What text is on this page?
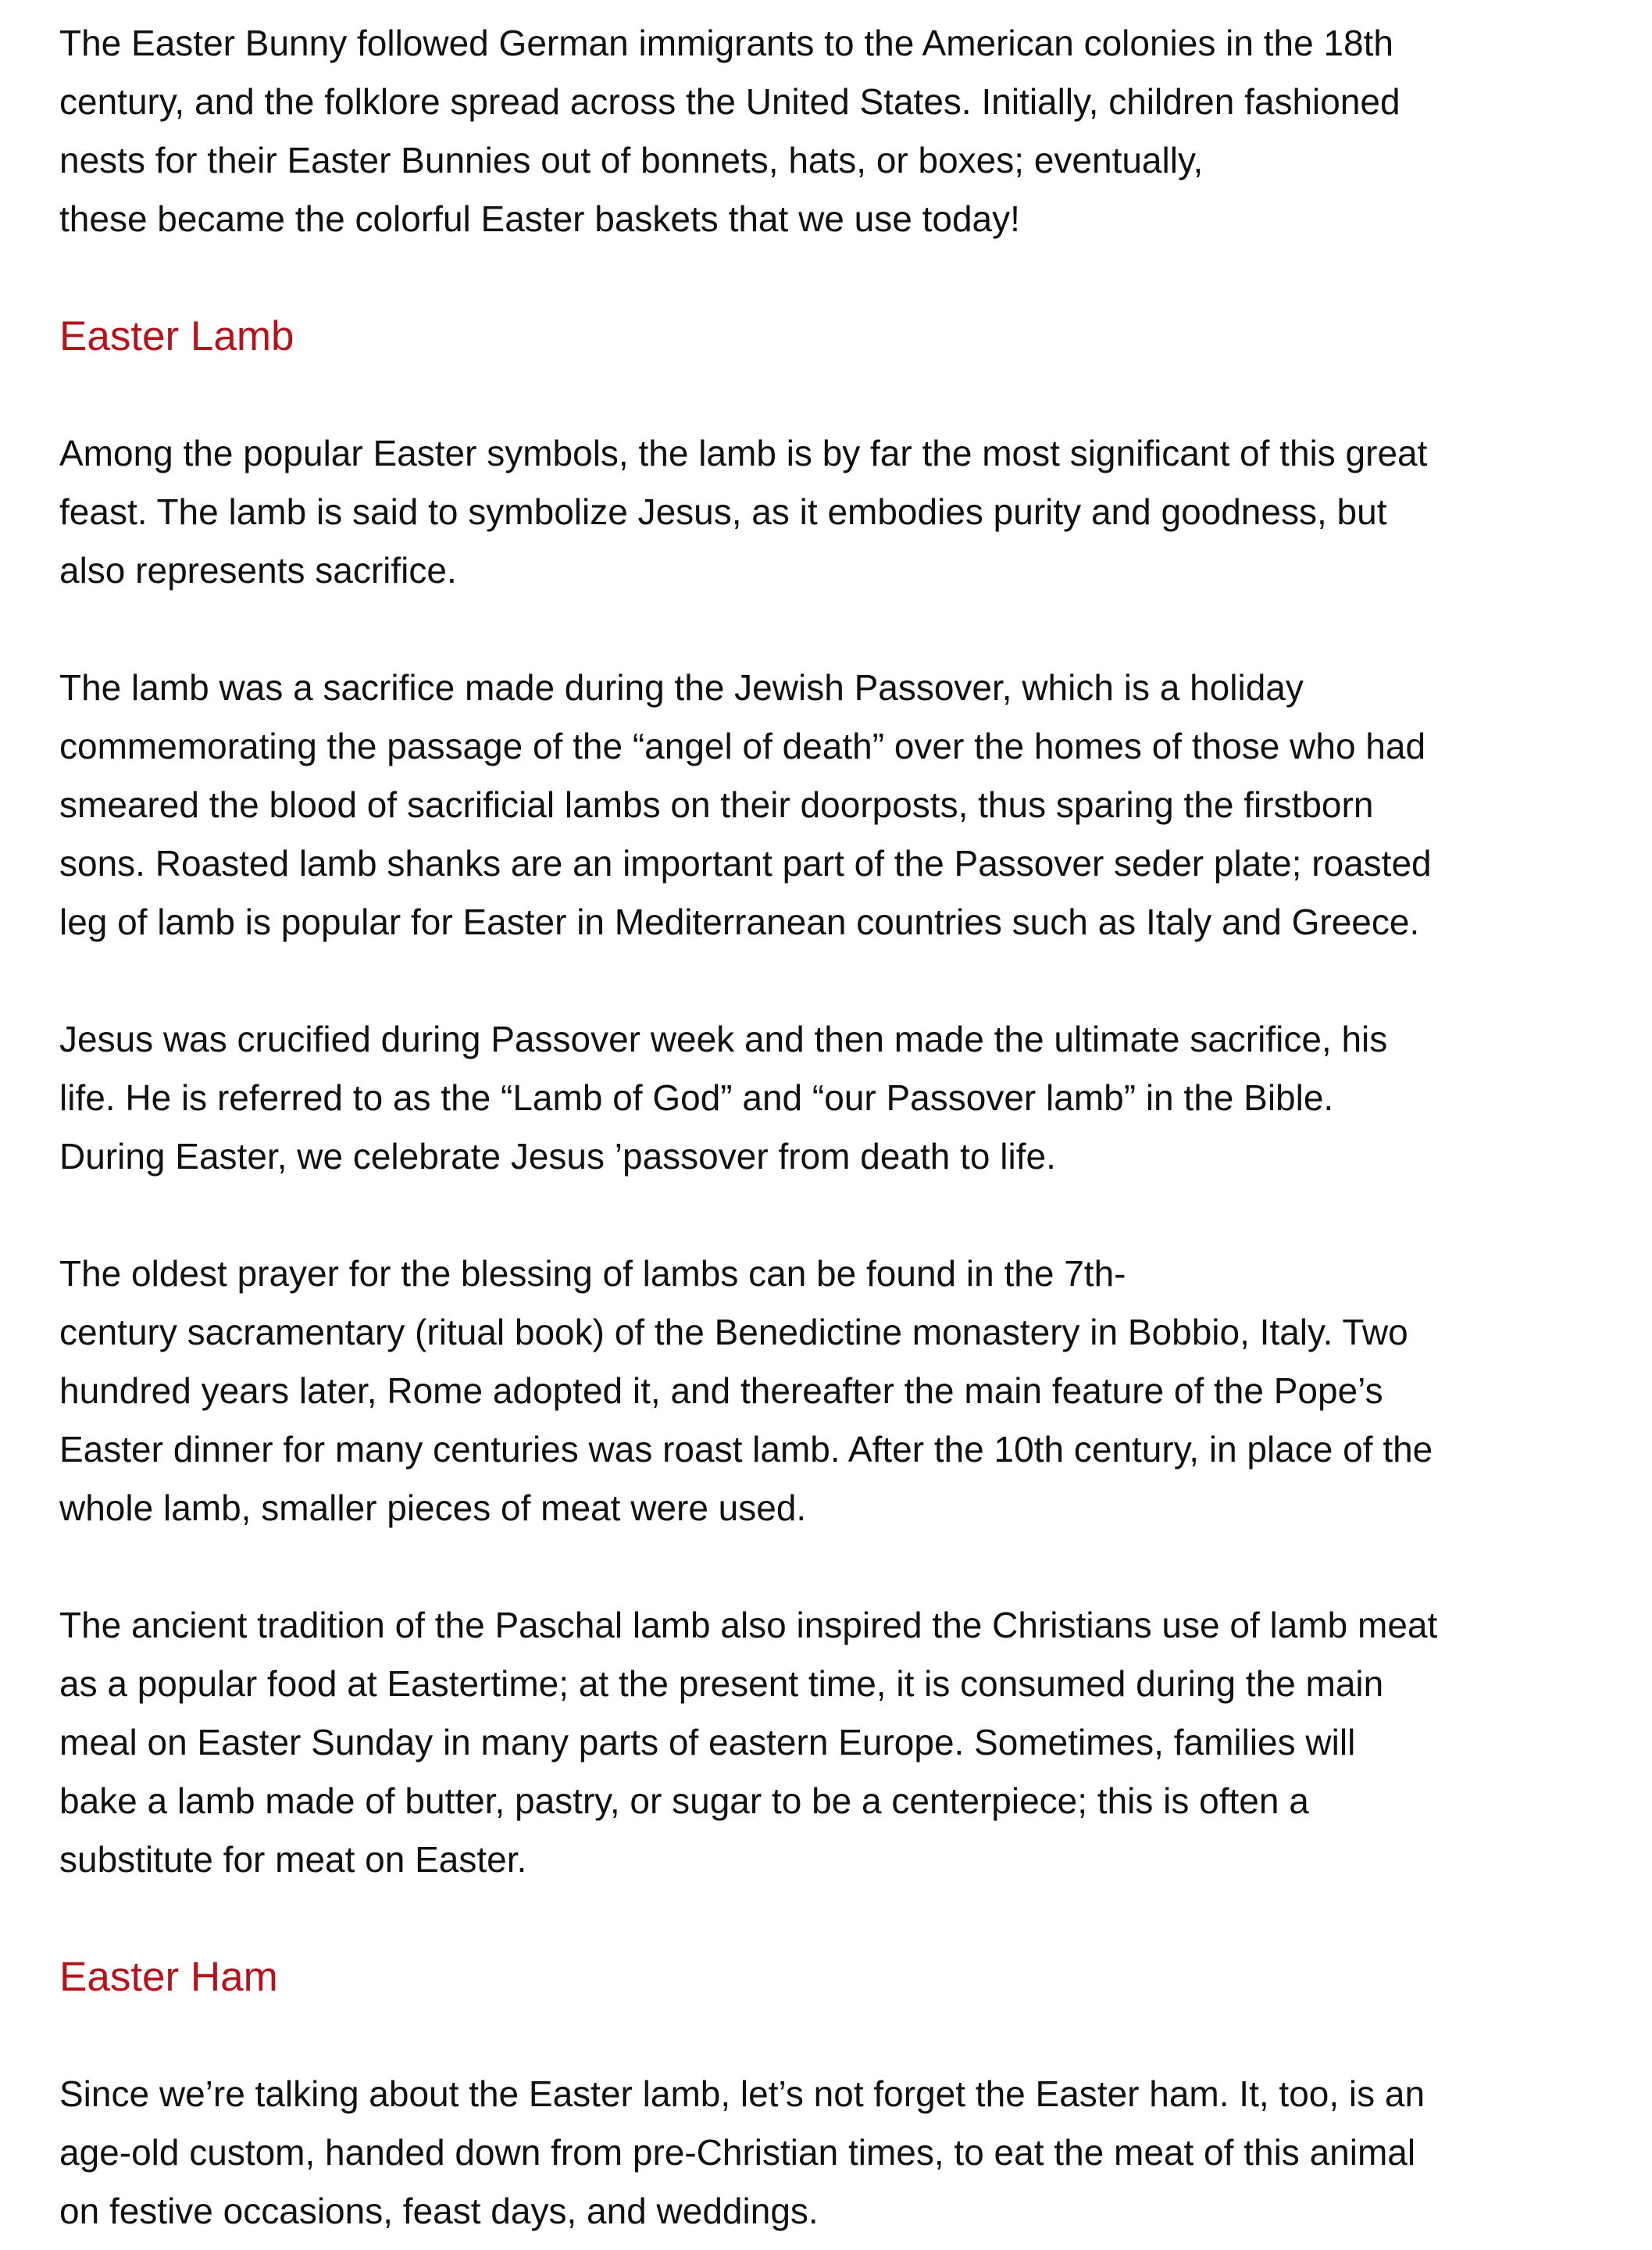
The Easter Bunny followed German immigrants to the American colonies in the 18th
century, and the folklore spread across the United States. Initially, children fashioned
nests for their Easter Bunnies out of bonnets, hats, or boxes; eventually,
these became the colorful Easter baskets that we use today!
Easter Lamb
Among the popular Easter symbols, the lamb is by far the most significant of this great
feast. The lamb is said to symbolize Jesus, as it embodies purity and goodness, but
also represents sacrifice.
The lamb was a sacrifice made during the Jewish Passover, which is a holiday
commemorating the passage of the “angel of death” over the homes of those who had
smeared the blood of sacrificial lambs on their doorposts, thus sparing the firstborn
sons. Roasted lamb shanks are an important part of the Passover seder plate; roasted
leg of lamb is popular for Easter in Mediterranean countries such as Italy and Greece.
Jesus was crucified during Passover week and then made the ultimate sacrifice, his
life. He is referred to as the “Lamb of God” and “our Passover lamb” in the Bible.
During Easter, we celebrate Jesus ’passover from death to life.
The oldest prayer for the blessing of lambs can be found in the 7th-
century sacramentary (ritual book) of the Benedictine monastery in Bobbio, Italy. Two
hundred years later, Rome adopted it, and thereafter the main feature of the Pope’s
Easter dinner for many centuries was roast lamb. After the 10th century, in place of the
whole lamb, smaller pieces of meat were used.
The ancient tradition of the Paschal lamb also inspired the Christians use of lamb meat
as a popular food at Eastertime; at the present time, it is consumed during the main
meal on Easter Sunday in many parts of eastern Europe. Sometimes, families will
bake a lamb made of butter, pastry, or sugar to be a centerpiece; this is often a
substitute for meat on Easter.
Easter Ham
Since we’re talking about the Easter lamb, let’s not forget the Easter ham. It, too, is an
age-old custom, handed down from pre-Christian times, to eat the meat of this animal
on festive occasions, feast days, and weddings.
